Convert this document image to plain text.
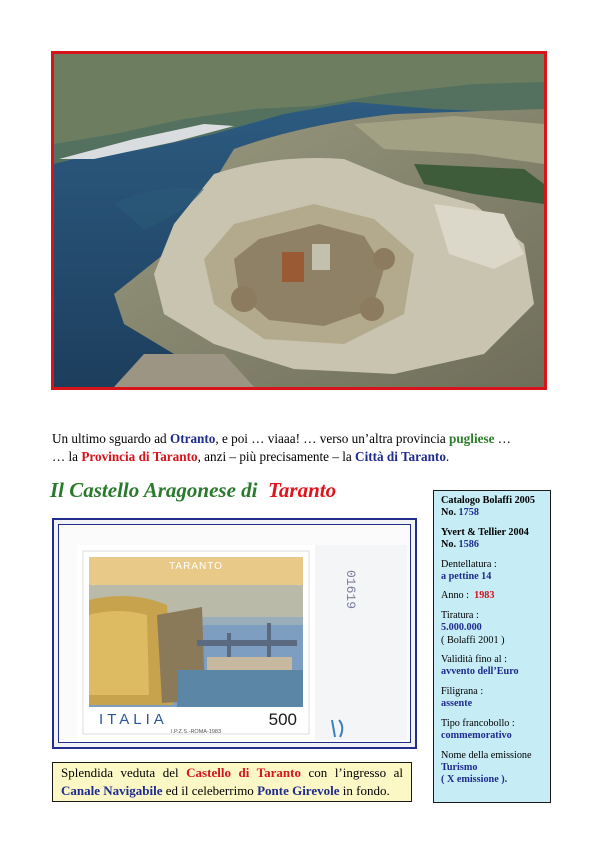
Un ultimo sguardo ad Otranto, e poi … viaaa! … verso un’altra provincia pugliese …

… la Provincia di Taranto, anzi – più precisamente – la Città di Taranto.

Il Castello Aragonese di Taranto
01619
TARANTO
ITALIA	500
I.P.Z.S.-ROMA-1983
Splendida veduta del Castello di Taranto con l’ingresso al Canale Navigabile ed il celeberrimo Ponte Girevole in fondo.
Catalogo Bolaffi 2005
No. 1758
Yvert & Tellier 2004
No. 1586
Dentellatura :
a pettine 14
Anno :  1983
Tiratura :
5.000.000
( Bolaffi 2001 )
Validità fino al :
avvento dell’Euro
Filigrana :
assente
Tipo francobollo :
commemorativo
Nome della emissione
Turismo
( X emissione ).
